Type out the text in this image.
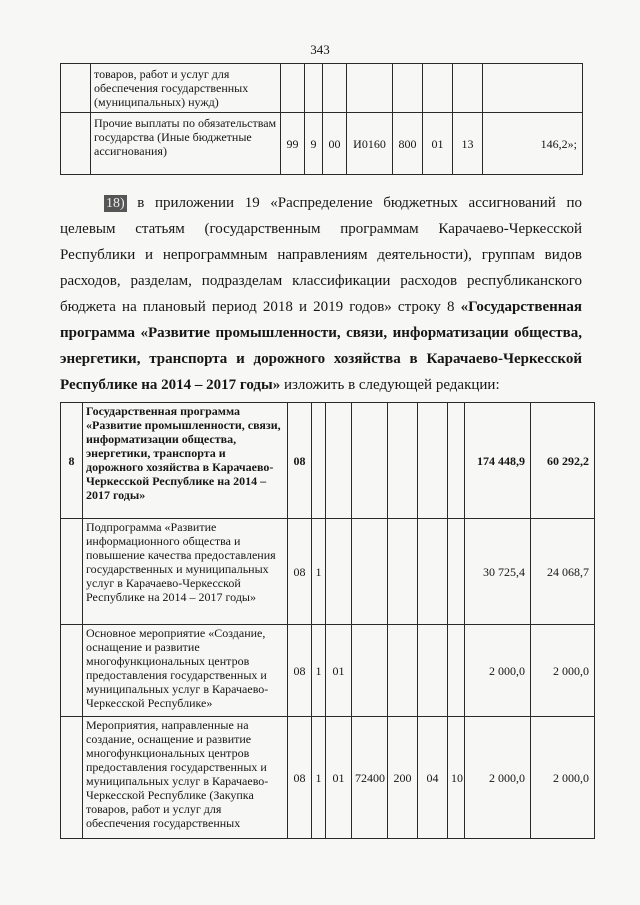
343
	товаров, работ и услуг для обеспечения государственных (муниципальных) нужд)								
	Прочие выплаты по обязательствам государства (Иные бюджетные ассигнования)	99	9	00	И0160	800	01	13	146,2»;
18) в приложении 19 «Распределение бюджетных ассигнований по
целевым статьям (государственным программам Карачаево-Черкесской
Республики и непрограммным направлениям деятельности), группам видов
расходов, разделам, подразделам классификации расходов республиканского
бюджета на плановый период 2018 и 2019 годов» строку 8 «Государственная
программа «Развитие промышленности, связи, информатизации общества,
энергетики, транспорта и дорожного хозяйства в Карачаево-Черкесской
Республике на 2014 – 2017 годы» изложить в следующей редакции:
8	Государственная программа «Развитие промышленности, связи, информатизации общества, энергетики, транспорта и дорожного хозяйства в Карачаево-Черкесской Республике на 2014 – 2017 годы»	08							174 448,9	60 292,2
	Подпрограмма «Развитие информационного общества и повышение качества предоставления государственных и муниципальных услуг в Карачаево-Черкесской Республике на 2014 – 2017 годы»	08	1						30 725,4	24 068,7
	Основное мероприятие «Создание, оснащение и развитие многофункциональных центров предоставления государственных и муниципальных услуг в Карачаево-Черкесской Республике»	08	1	01					2 000,0	2 000,0
	Мероприятия, направленные на создание, оснащение и развитие многофункциональных центров предоставления государственных и муниципальных услуг в Карачаево-Черкесской Республике (Закупка товаров, работ и услуг для обеспечения государственных	08	1	01	72400	200	04	10	2 000,0	2 000,0
